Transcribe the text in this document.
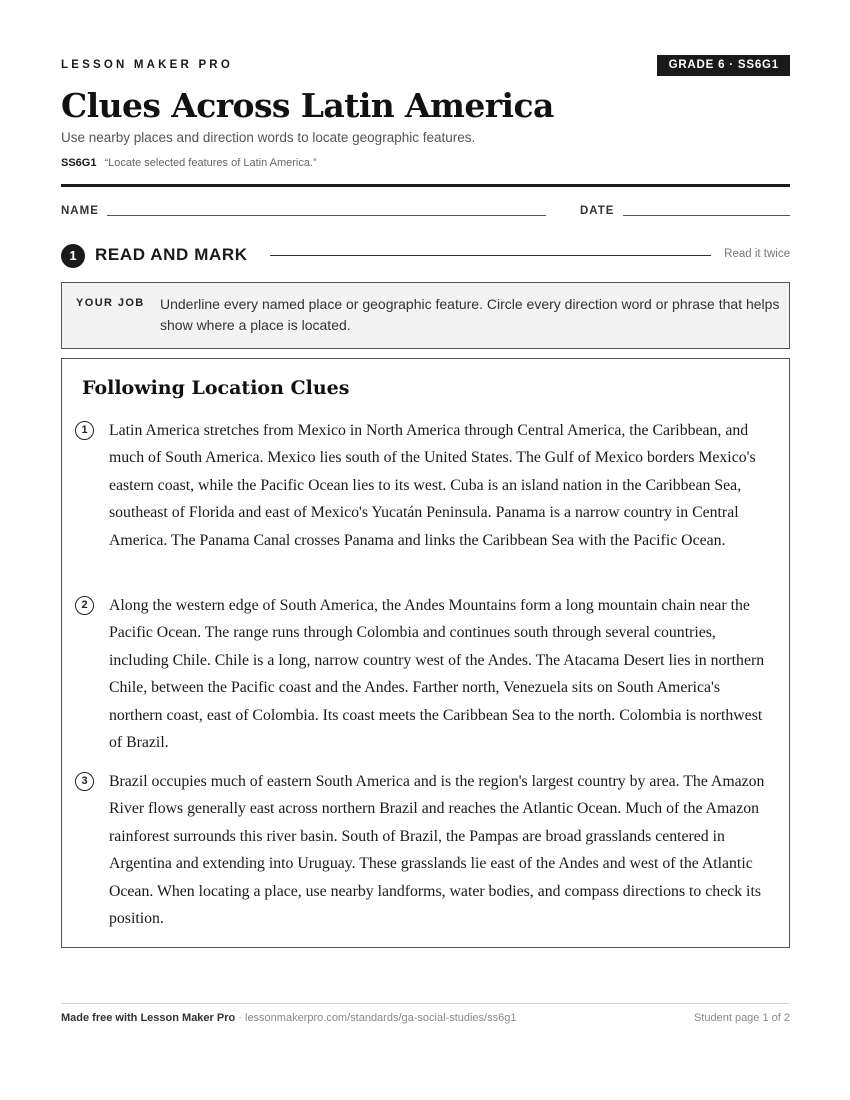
LESSON MAKER PRO	GRADE 6 · SS6G1
Clues Across Latin America
Use nearby places and direction words to locate geographic features.
SS6G1 “Locate selected features of Latin America.”
NAME	DATE
1	READ AND MARK	Read it twice
YOUR JOB Underline every named place or geographic feature. Circle every direction word or phrase that helps show where a place is located.
Following Location Clues
1	Latin America stretches from Mexico in North America through Central America, the Caribbean, and much of South America. Mexico lies south of the United States. The Gulf of Mexico borders Mexico's eastern coast, while the Pacific Ocean lies to its west. Cuba is an island nation in the Caribbean Sea, southeast of Florida and east of Mexico's Yucatán Peninsula. Panama is a narrow country in Central America. The Panama Canal crosses Panama and links the Caribbean Sea with the Pacific Ocean.
2	Along the western edge of South America, the Andes Mountains form a long mountain chain near the Pacific Ocean. The range runs through Colombia and continues south through several countries, including Chile. Chile is a long, narrow country west of the Andes. The Atacama Desert lies in northern Chile, between the Pacific coast and the Andes. Farther north, Venezuela sits on South America's northern coast, east of Colombia. Its coast meets the Caribbean Sea to the north. Colombia is northwest of Brazil.
3	Brazil occupies much of eastern South America and is the region's largest country by area. The Amazon River flows generally east across northern Brazil and reaches the Atlantic Ocean. Much of the Amazon rainforest surrounds this river basin. South of Brazil, the Pampas are broad grasslands centered in Argentina and extending into Uruguay. These grasslands lie east of the Andes and west of the Atlantic Ocean. When locating a place, use nearby landforms, water bodies, and compass directions to check its position.
Made free with Lesson Maker Pro · lessonmakerpro.com/standards/ga-social-studies/ss6g1	Student page 1 of 2
